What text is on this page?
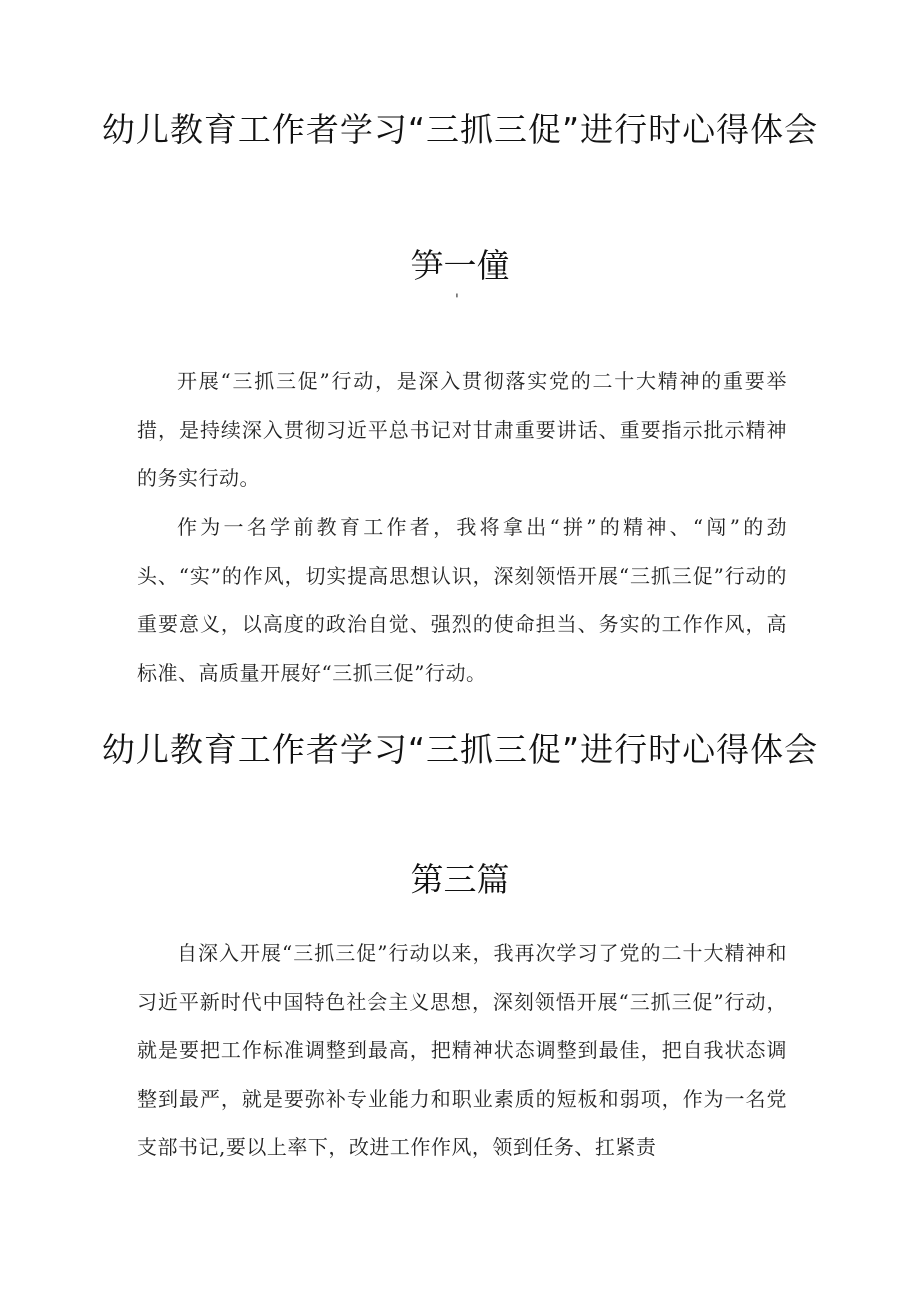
幼儿教育工作者学习“三抓三促”进行时心得体会
笋一僮
'

开展“三抓三促”行动，是深入贯彻落实党的二十大精神的重要举措，是持续深入贯彻习近平总书记对甘肃重要讲话、重要指示批示精神的务实行动。

作为一名学前教育工作者，我将拿出“拼”的精神、“闯”的劲头、“实”的作风，切实提高思想认识，深刻领悟开展“三抓三促”行动的重要意义，以高度的政治自觉、强烈的使命担当、务实的工作作风，高标准、高质量开展好“三抓三促”行动。

幼儿教育工作者学习“三抓三促”进行时心得体会
第三篇

自深入开展“三抓三促”行动以来，我再次学习了党的二十大精神和习近平新时代中国特色社会主义思想，深刻领悟开展“三抓三促”行动，就是要把工作标准调整到最高，把精神状态调整到最佳，把自我状态调整到最严，就是要弥补专业能力和职业素质的短板和弱项，作为一名党支部书记,要以上率下，改进工作作风，领到任务、扛紧责
